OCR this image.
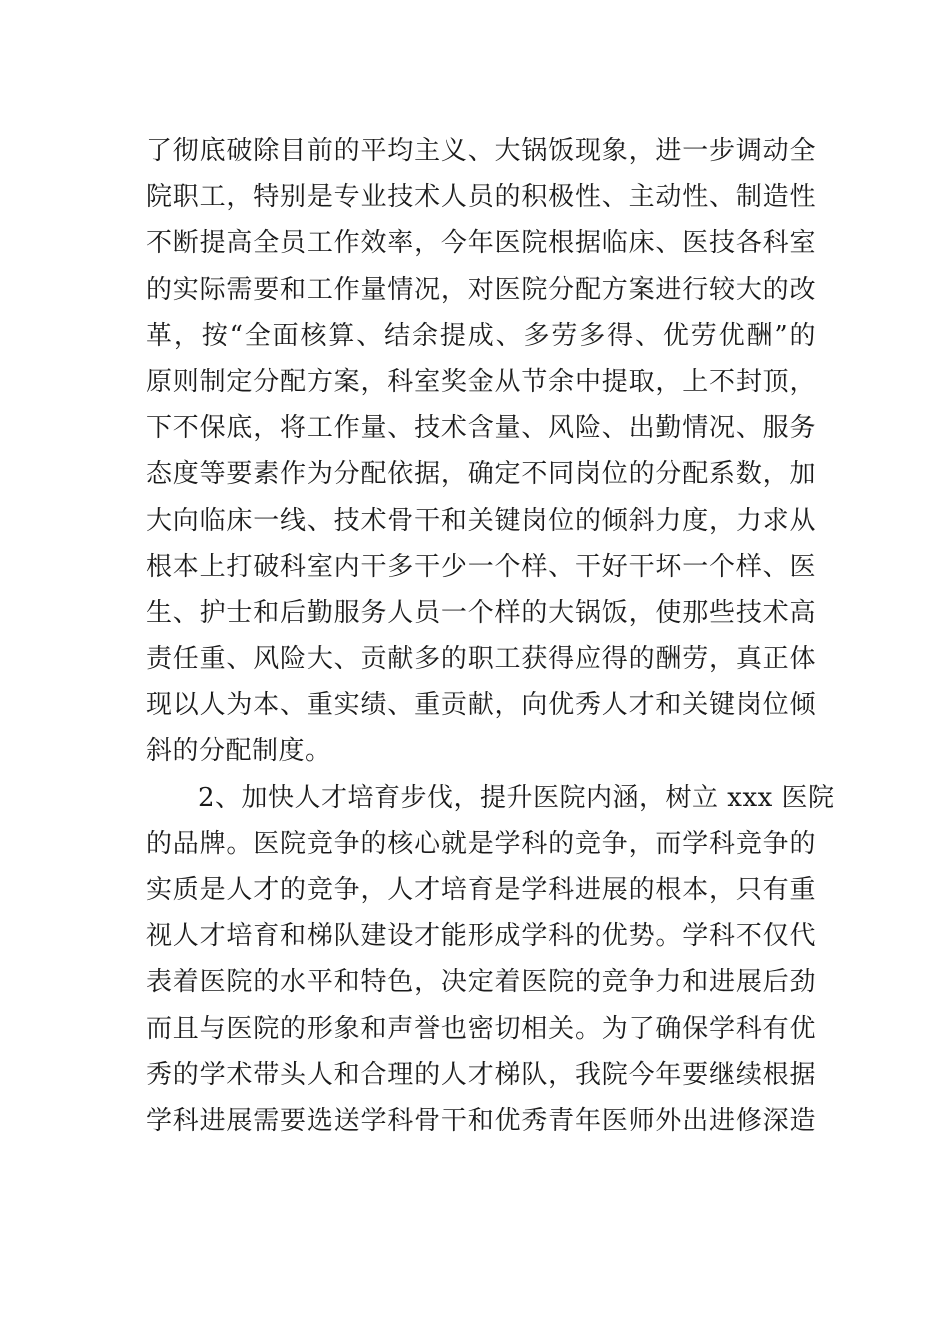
了彻底破除目前的平均主义、大锅饭现象，进一步调动全
院职工，特别是专业技术人员的积极性、主动性、制造性
不断提高全员工作效率，今年医院根据临床、医技各科室
的实际需要和工作量情况，对医院分配方案进行较大的改
革，按“全面核算、结余提成、多劳多得、优劳优酬”的
原则制定分配方案，科室奖金从节余中提取，上不封顶，
下不保底，将工作量、技术含量、风险、出勤情况、服务
态度等要素作为分配依据，确定不同岗位的分配系数，加
大向临床一线、技术骨干和关键岗位的倾斜力度，力求从
根本上打破科室内干多干少一个样、干好干坏一个样、医
生、护士和后勤服务人员一个样的大锅饭，使那些技术高
责任重、风险大、贡献多的职工获得应得的酬劳，真正体
现以人为本、重实绩、重贡献，向优秀人才和关键岗位倾
斜的分配制度。
2、加快人才培育步伐，提升医院内涵，树立 xxx 医院
的品牌。医院竞争的核心就是学科的竞争，而学科竞争的
实质是人才的竞争，人才培育是学科进展的根本，只有重
视人才培育和梯队建设才能形成学科的优势。学科不仅代
表着医院的水平和特色，决定着医院的竞争力和进展后劲
而且与医院的形象和声誉也密切相关。为了确保学科有优
秀的学术带头人和合理的人才梯队，我院今年要继续根据
学科进展需要选送学科骨干和优秀青年医师外出进修深造
